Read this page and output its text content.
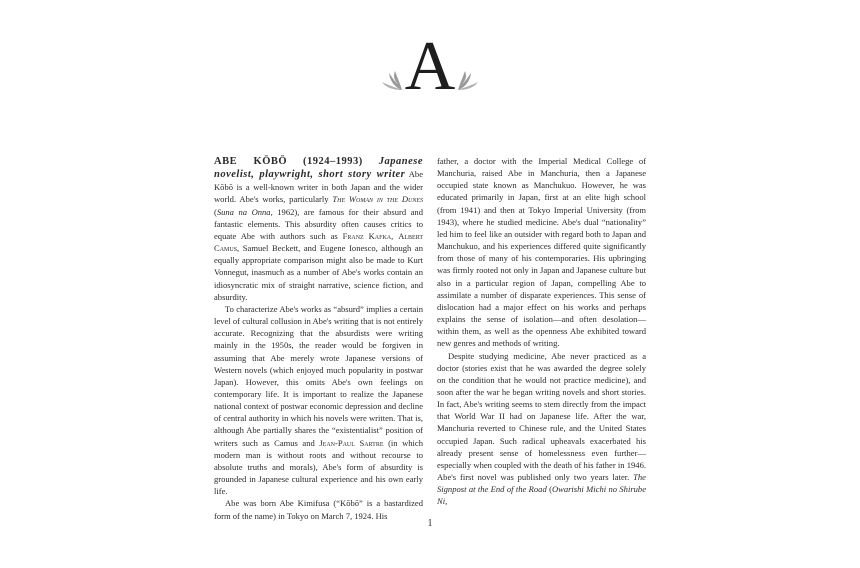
A

ABE KŌBŌ (1924–1993) Japanese novelist, playwright, short story writer Abe Kōbō is a well-known writer in both Japan and the wider world. Abe's works, particularly The Woman in the Dunes (Suna na Onna, 1962), are famous for their absurd and fantastic elements. This absurdity often causes critics to equate Abe with authors such as Franz Kafka, Albert Camus, Samuel Beckett, and Eugene Ionesco, although an equally appropriate comparison might also be made to Kurt Vonnegut, inasmuch as a number of Abe's works contain an idiosyncratic mix of straight narrative, science fiction, and absurdity.

To characterize Abe's works as “absurd” implies a certain level of cultural collusion in Abe's writing that is not entirely accurate. Recognizing that the absurdists were writing mainly in the 1950s, the reader would be forgiven in assuming that Abe merely wrote Japanese versions of Western novels (which enjoyed much popularity in postwar Japan). However, this omits Abe's own feelings on contemporary life. It is important to realize the Japanese national context of postwar economic depression and decline of central authority in which his novels were written. That is, although Abe partially shares the “existentialist” position of writers such as Camus and Jean-Paul Sartre (in which modern man is without roots and without recourse to absolute truths and morals), Abe's form of absurdity is grounded in Japanese cultural experience and his own early life.

Abe was born Abe Kimifusa (“Kōbō” is a bastardized form of the name) in Tokyo on March 7, 1924. His

father, a doctor with the Imperial Medical College of Manchuria, raised Abe in Manchuria, then a Japanese occupied state known as Manchukuo. However, he was educated primarily in Japan, first at an elite high school (from 1941) and then at Tokyo Imperial University (from 1943), where he studied medicine. Abe's dual “nationality” led him to feel like an outsider with regard both to Japan and Manchukuo, and his experiences differed quite significantly from those of many of his contemporaries. His upbringing was firmly rooted not only in Japan and Japanese culture but also in a particular region of Japan, compelling Abe to assimilate a number of disparate experiences. This sense of dislocation had a major effect on his works and perhaps explains the sense of isolation—and often desolation—within them, as well as the openness Abe exhibited toward new genres and methods of writing.

Despite studying medicine, Abe never practiced as a doctor (stories exist that he was awarded the degree solely on the condition that he would not practice medicine), and soon after the war he began writing novels and short stories. In fact, Abe's writing seems to stem directly from the impact that World War II had on Japanese life. After the war, Manchuria reverted to Chinese rule, and the United States occupied Japan. Such radical upheavals exacerbated his already present sense of homelessness even further—especially when coupled with the death of his father in 1946. Abe's first novel was published only two years later. The Signpost at the End of the Road (Owarishi Michi no Shirube Ni,

1
